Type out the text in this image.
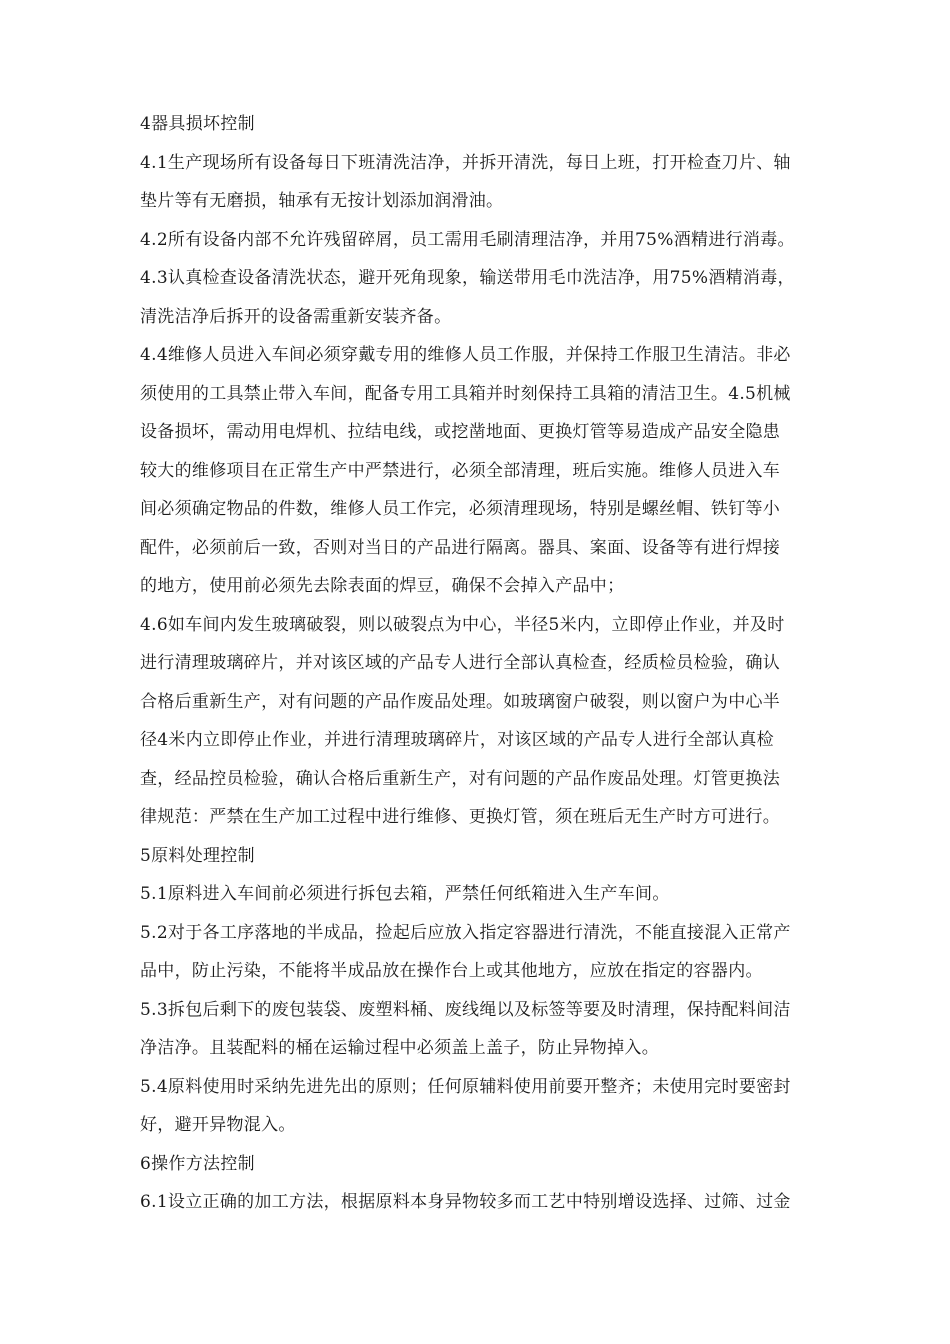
4器具损坏控制
4.1生产现场所有设备每日下班清洗洁净，并拆开清洗，每日上班，打开检查刀片、轴
垫片等有无磨损，轴承有无按计划添加润滑油。
4.2所有设备内部不允许残留碎屑，员工需用毛刷清理洁净，并用75%酒精进行消毒。
4.3认真检查设备清洗状态，避开死角现象，输送带用毛巾洗洁净，用75%酒精消毒，
清洗洁净后拆开的设备需重新安装齐备。
4.4维修人员进入车间必须穿戴专用的维修人员工作服，并保持工作服卫生清洁。非必
须使用的工具禁止带入车间，配备专用工具箱并时刻保持工具箱的清洁卫生。4.5机械
设备损坏，需动用电焊机、拉结电线，或挖凿地面、更换灯管等易造成产品安全隐患
较大的维修项目在正常生产中严禁进行，必须全部清理，班后实施。维修人员进入车
间必须确定物品的件数，维修人员工作完，必须清理现场，特别是螺丝帽、铁钉等小
配件，必须前后一致，否则对当日的产品进行隔离。器具、案面、设备等有进行焊接
的地方，使用前必须先去除表面的焊豆，确保不会掉入产品中；
4.6如车间内发生玻璃破裂，则以破裂点为中心，半径5米内，立即停止作业，并及时
进行清理玻璃碎片，并对该区域的产品专人进行全部认真检查，经质检员检验，确认
合格后重新生产，对有问题的产品作废品处理。如玻璃窗户破裂，则以窗户为中心半
径4米内立即停止作业，并进行清理玻璃碎片，对该区域的产品专人进行全部认真检
查，经品控员检验，确认合格后重新生产，对有问题的产品作废品处理。灯管更换法
律规范：严禁在生产加工过程中进行维修、更换灯管，须在班后无生产时方可进行。
5原料处理控制
5.1原料进入车间前必须进行拆包去箱，严禁任何纸箱进入生产车间。
5.2对于各工序落地的半成品，捡起后应放入指定容器进行清洗，不能直接混入正常产
品中，防止污染，不能将半成品放在操作台上或其他地方，应放在指定的容器内。
5.3拆包后剩下的废包装袋、废塑料桶、废线绳以及标签等要及时清理，保持配料间洁
净洁净。且装配料的桶在运输过程中必须盖上盖子，防止异物掉入。
5.4原料使用时采纳先进先出的原则；任何原辅料使用前要开整齐；未使用完时要密封
好，避开异物混入。
6操作方法控制
6.1设立正确的加工方法，根据原料本身异物较多而工艺中特别增设选择、过筛、过金
